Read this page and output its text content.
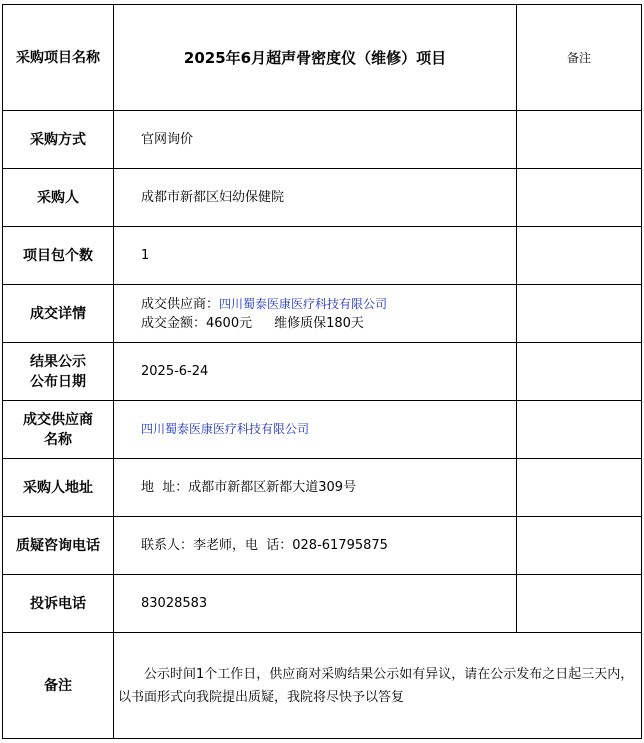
采购项目名称	2025年6月超声骨密度仪（维修）项目	备注
采购方式	官网询价	
采购人	成都市新都区妇幼保健院	
项目包个数	1	
成交详情	成交供应商：四川蜀泰医康医疗科技有限公司
成交金额：4600元 维修质保180天	

结果公示
公布日期	2025-6-24	

成交供应商
名称	四川蜀泰医康医疗科技有限公司	
采购人地址	地  址：成都市新都区新都大道309号	
质疑咨询电话	联系人：李老师，电  话：028-61795875	
投诉电话	83028583	
备注	公示时间1个工作日，供应商对采购结果公示如有异议，请在公示发布之日起三天内，以书面形式向我院提出质疑，我院将尽快予以答复	
